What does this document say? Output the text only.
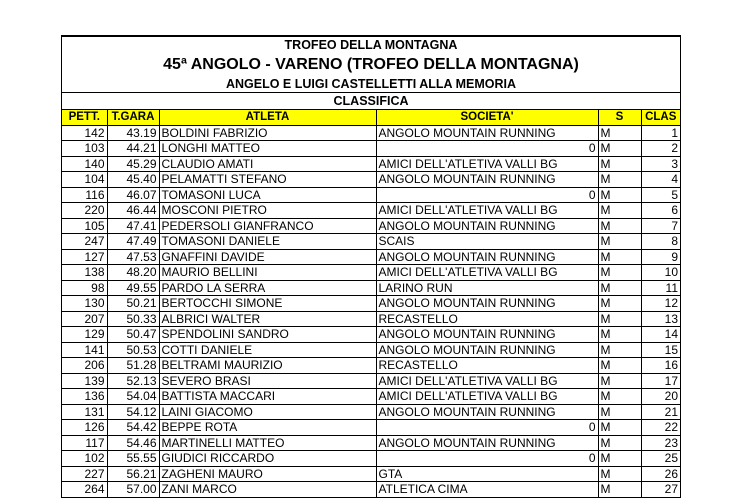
TROFEO DELLA MONTAGNA
45ª ANGOLO - VARENO (TROFEO DELLA MONTAGNA)
ANGELO E LUIGI CASTELLETTI ALLA MEMORIA
CLASSIFICA
PETT.	T.GARA	ATLETA	SOCIETA'	S	CLAS
142	43.19	BOLDINI FABRIZIO	ANGOLO MOUNTAIN RUNNING	M	1
103	44.21	LONGHI MATTEO	0	M	2
140	45.29	CLAUDIO AMATI	AMICI DELL'ATLETIVA VALLI BG	M	3
104	45.40	PELAMATTI STEFANO	ANGOLO MOUNTAIN RUNNING	M	4
116	46.07	TOMASONI LUCA	0	M	5
220	46.44	MOSCONI PIETRO	AMICI DELL'ATLETIVA VALLI BG	M	6
105	47.41	PEDERSOLI GIANFRANCO	ANGOLO MOUNTAIN RUNNING	M	7
247	47.49	TOMASONI DANIELE	SCAIS	M	8
127	47.53	GNAFFINI DAVIDE	ANGOLO MOUNTAIN RUNNING	M	9
138	48.20	MAURIO BELLINI	AMICI DELL'ATLETIVA VALLI BG	M	10
98	49.55	PARDO LA SERRA	LARINO RUN	M	11
130	50.21	BERTOCCHI SIMONE	ANGOLO MOUNTAIN RUNNING	M	12
207	50.33	ALBRICI WALTER	RECASTELLO	M	13
129	50.47	SPENDOLINI SANDRO	ANGOLO MOUNTAIN RUNNING	M	14
141	50.53	COTTI DANIELE	ANGOLO MOUNTAIN RUNNING	M	15
206	51.28	BELTRAMI MAURIZIO	RECASTELLO	M	16
139	52.13	SEVERO BRASI	AMICI DELL'ATLETIVA VALLI BG	M	17
136	54.04	BATTISTA MACCARI	AMICI DELL'ATLETIVA VALLI BG	M	20
131	54.12	LAINI GIACOMO	ANGOLO MOUNTAIN RUNNING	M	21
126	54.42	BEPPE ROTA	0	M	22
117	54.46	MARTINELLI MATTEO	ANGOLO MOUNTAIN RUNNING	M	23
102	55.55	GIUDICI RICCARDO	0	M	25
227	56.21	ZAGHENI MAURO	GTA	M	26
264	57.00	ZANI MARCO	ATLETICA CIMA	M	27
